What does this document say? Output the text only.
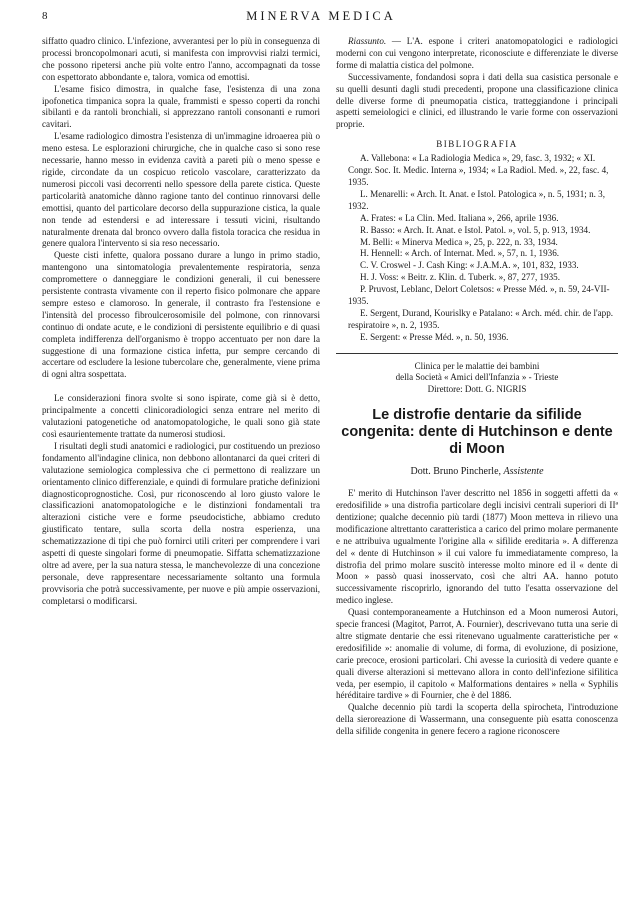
8	MINERVA MEDICA

siffatto quadro clinico. L'infezione, avverantesi per lo più in conseguenza di processi broncopolmonari acuti, si manifesta con improvvisi rialzi termici, che possono ripetersi anche più volte entro l'anno, accompagnati da tosse con espettorato abbondante e, talora, vomica od emottisi.

L'esame fisico dimostra, in qualche fase, l'esistenza di una zona ipofonetica timpanica sopra la quale, frammisti e spesso coperti da ronchi sibilanti e da rantoli bronchiali, si apprezzano rantoli consonanti e rumori cavitari.

L'esame radiologico dimostra l'esistenza di un'immagine idroaerea più o meno estesa. Le esplorazioni chirurgiche, che in qualche caso si sono rese necessarie, hanno messo in evidenza cavità a pareti più o meno spesse e rigide, circondate da un cospicuo reticolo vascolare, caratterizzato da numerosi piccoli vasi decorrenti nello spessore della parete cistica. Queste particolarità anatomiche dànno ragione tanto del continuo rinnovarsi delle emottisi, quanto del particolare decorso della suppurazione cistica, la quale non tende ad estendersi e ad interessare i tessuti vicini, risultando naturalmente drenata dal bronco ovvero dalla fistola toracica che residua in genere qualora l'intervento si sia reso necessario.

Queste cisti infette, qualora possano durare a lungo in primo stadio, mantengono una sintomatologia prevalentemente respiratoria, senza compromettere o danneggiare le condizioni generali, il cui benessere persistente contrasta vivamente con il reperto fisico polmonare che appare sempre esteso e clamoroso. In generale, il contrasto fra l'estensione e l'intensità del processo fibroulcerosomisile del polmone, con rinnovarsi continuo di ondate acute, e le condizioni di persistente equilibrio e di quasi completa indifferenza dell'organismo è troppo accentuato per non dare la suggestione di una formazione cistica infetta, pur sempre cercando di accertare od escludere la lesione tubercolare che, generalmente, viene prima di ogni altra sospettata.

Le considerazioni finora svolte si sono ispirate, come già si è detto, principalmente a concetti clinicoradiologici senza entrare nel merito di valutazioni patogenetiche od anatomopatologiche, le quali sono già state così esaurientemente trattate da numerosi studiosi.

I risultati degli studi anatomici e radiologici, pur costituendo un prezioso fondamento all'indagine clinica, non debbono allontanarci da quei criteri di valutazione semiologica complessiva che ci permettono di realizzare un orientamento clinico differenziale, e quindi di formulare pratiche definizioni diagnosticoprognostiche. Così, pur riconoscendo al loro giusto valore le classificazioni anatomopatologiche e le distinzioni fondamentali tra alterazioni cistiche vere e forme pseudocistiche, abbiamo creduto giustificato tentare, sulla scorta della nostra esperienza, una schematizzazione di tipi che può fornirci utili criteri per comprendere i vari aspetti di queste singolari forme di pneumopatie. Siffatta schematizzazione oltre ad avere, per la sua natura stessa, le manchevolezze di una concezione personale, deve rappresentare necessariamente soltanto una formula provvisoria che potrà successivamente, per nuove e più ampie osservazioni, completarsi o modificarsi.

Riassunto. — L'A. espone i criteri anatomopatologici e radiologici moderni con cui vengono interpretate, riconosciute e differenziate le diverse forme di malattia cistica del polmone.

Successivamente, fondandosi sopra i dati della sua casistica personale e su quelli desunti dagli studi precedenti, propone una classificazione clinica delle diverse forme di pneumopatia cistica, tratteggiandone i principali aspetti semeiologici e clinici, ed illustrando le varie forme con osservazioni proprie.

BIBLIOGRAFIA

A. Vallebona: « La Radiologia Medica », 29, fasc. 3, 1932; « XI. Congr. Soc. It. Medic. Interna », 1934; « La Radiol. Med. », 22, fasc. 4, 1935.

L. Menarelli: « Arch. It. Anat. e Istol. Patologica », n. 5, 1931; n. 3, 1932.

A. Frates: « La Clin. Med. Italiana », 266, aprile 1936.

R. Basso: « Arch. It. Anat. e Istol. Patol. », vol. 5, p. 913, 1934.

M. Belli: « Minerva Medica », 25, p. 222, n. 33, 1934.

H. Hennell: « Arch. of Internat. Med. », 57, n. 1, 1936.

C. V. Croswel - J. Cash King: « J.A.M.A. », 101, 832, 1933.

H. J. Voss: « Beitr. z. Klin. d. Tuberk. », 87, 277, 1935.

P. Pruvost, Leblanc, Delort Coletsos: « Presse Méd. », n. 59, 24-VII-1935.

E. Sergent, Durand, Kourislky e Patalano: « Arch. méd. chir. de l'app. respiratoire », n. 2, 1935.

E. Sergent: « Presse Méd. », n. 50, 1936.

Clinica per le malattie dei bambini
della Società « Amici dell'Infanzia » - Trieste
Direttore: Dott. G. NIGRIS
Le distrofie dentarie da sifilide congenita: dente di Hutchinson e dente di Moon
Dott. Bruno Pincherle, Assistente

E' merito di Hutchinson l'aver descritto nel 1856 in soggetti affetti da « eredosifilide » una distrofia particolare degli incisivi centrali superiori di IIª dentizione; qualche decennio più tardi (1877) Moon metteva in rilievo una modificazione altrettanto caratteristica a carico del primo molare permanente e ne attribuiva ugualmente l'origine alla « sifilide ereditaria ». A differenza del « dente di Hutchinson » il cui valore fu immediatamente compreso, la distrofia del primo molare suscitò interesse molto minore ed il « dente di Moon » passò quasi inosservato, così che altri AA. hanno potuto successivamente riscoprirlo, ignorando del tutto l'esatta osservazione del medico inglese.

Quasi contemporaneamente a Hutchinson ed a Moon numerosi Autori, specie francesi (Magitot, Parrot, A. Fournier), descrivevano tutta una serie di altre stigmate dentarie che essi ritenevano ugualmente caratteristiche per « eredosifilide »: anomalie di volume, di forma, di evoluzione, di posizione, carie precoce, erosioni particolari. Chi avesse la curiosità di vedere quante e quali diverse alterazioni si mettevano allora in conto dell'infezione sifilitica veda, per esempio, il capitolo « Malformations dentaires » nella « Syphilis héréditaire tardive » di Fournier, che è del 1886.

Qualche decennio più tardi la scoperta della spirocheta, l'introduzione della sieroreazione di Wassermann, una conseguente più esatta conoscenza della sifilide congenita in genere fecero a ragione riconoscere
